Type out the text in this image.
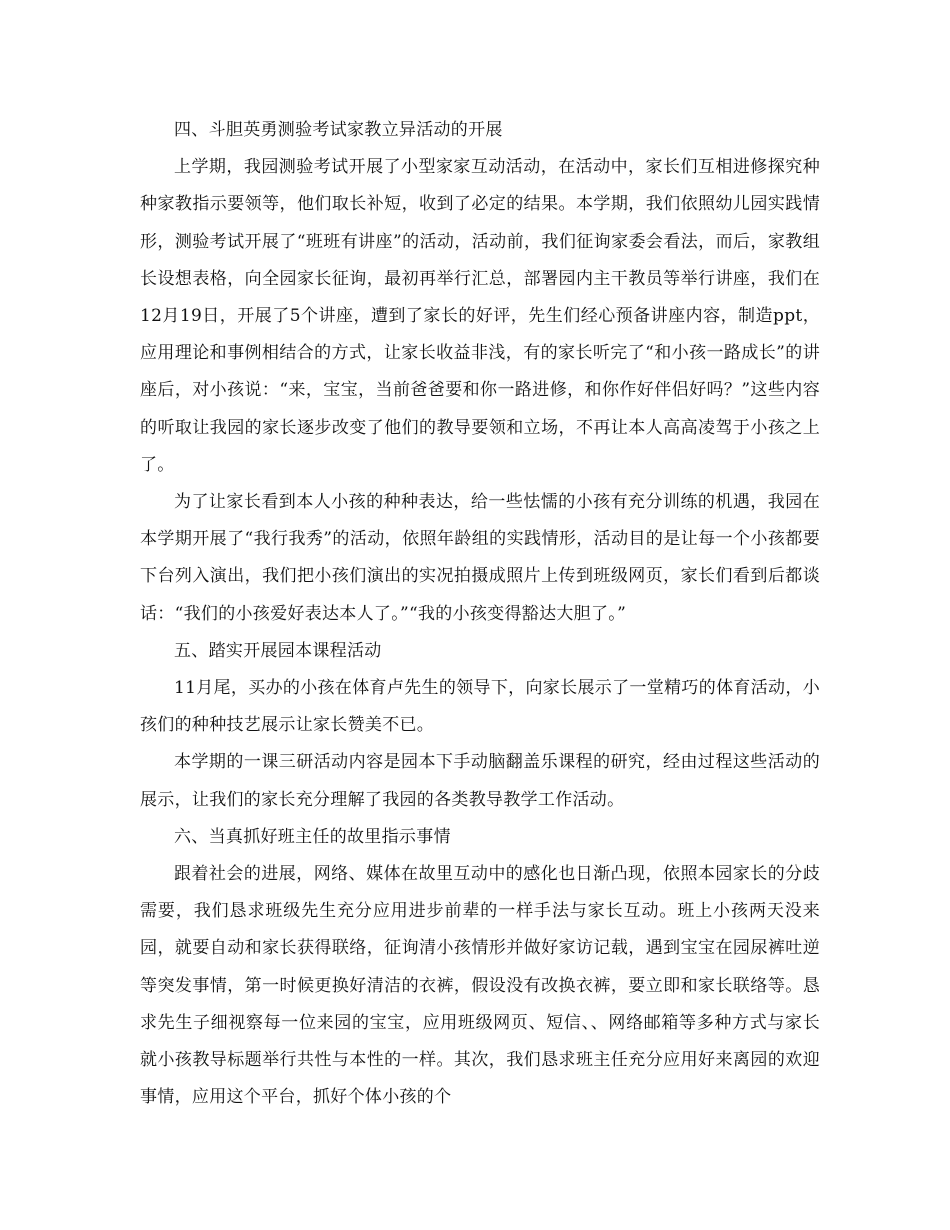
四、斗胆英勇测验考试家教立异活动的开展

上学期，我园测验考试开展了小型家家互动活动，在活动中，家长们互相进修探究种种家教指示要领等，他们取长补短，收到了必定的结果。本学期，我们依照幼儿园实践情形，测验考试开展了“班班有讲座”的活动，活动前，我们征询家委会看法，而后，家教组长设想表格，向全园家长征询，最初再举行汇总，部署园内主干教员等举行讲座，我们在12月19日，开展了5个讲座，遭到了家长的好评，先生们经心预备讲座内容，制造ppt，应用理论和事例相结合的方式，让家长收益非浅，有的家长听完了“和小孩一路成长”的讲座后，对小孩说：“来，宝宝，当前爸爸要和你一路进修，和你作好伴侣好吗？”这些内容的听取让我园的家长逐步改变了他们的教导要领和立场，不再让本人高高凌驾于小孩之上了。

为了让家长看到本人小孩的种种表达，给一些怯懦的小孩有充分训练的机遇，我园在本学期开展了“我行我秀”的活动，依照年龄组的实践情形，活动目的是让每一个小孩都要下台列入演出，我们把小孩们演出的实况拍摄成照片上传到班级网页，家长们看到后都谈话：“我们的小孩爱好表达本人了。”“我的小孩变得豁达大胆了。”

五、踏实开展园本课程活动

11月尾，买办的小孩在体育卢先生的领导下，向家长展示了一堂精巧的体育活动，小孩们的种种技艺展示让家长赞美不已。

本学期的一课三研活动内容是园本下手动脑翻盖乐课程的研究，经由过程这些活动的展示，让我们的家长充分理解了我园的各类教导教学工作活动。

六、当真抓好班主任的故里指示事情

跟着社会的进展，网络、媒体在故里互动中的感化也日渐凸现，依照本园家长的分歧需要，我们恳求班级先生充分应用进步前辈的一样手法与家长互动。班上小孩两天没来园，就要自动和家长获得联络，征询清小孩情形并做好家访记载，遇到宝宝在园尿裤吐逆等突发事情，第一时候更换好清洁的衣裤，假设没有改换衣裤，要立即和家长联络等。恳求先生子细视察每一位来园的宝宝，应用班级网页、短信、、网络邮箱等多种方式与家长就小孩教导标题举行共性与本性的一样。其次，我们恳求班主任充分应用好来离园的欢迎事情，应用这个平台，抓好个体小孩的个
